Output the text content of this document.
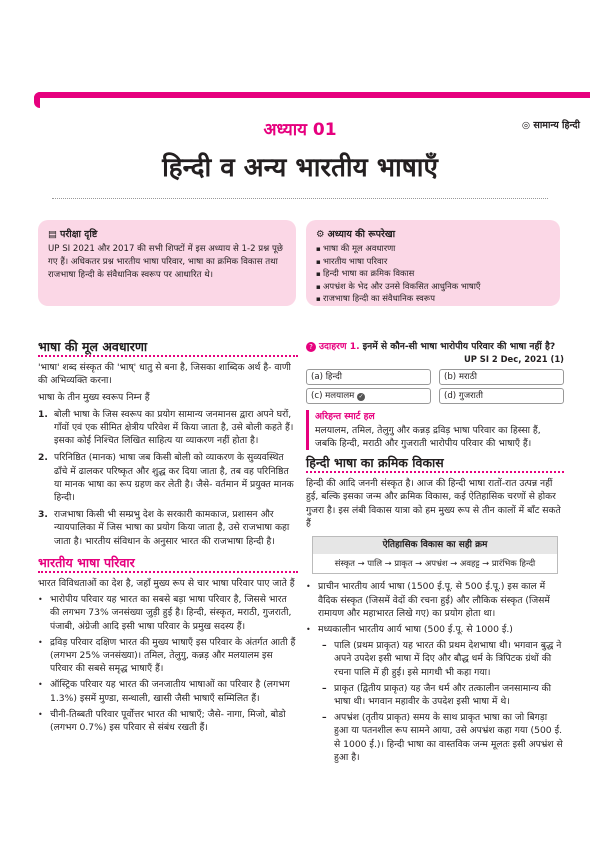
अध्याय 01	◎ सामान्य हिन्दी
हिन्दी व अन्य भारतीय भाषाएँ
▤ परीक्षा दृष्टि
UP SI 2021 और 2017 की सभी शिफ्टों में इस अध्याय से 1-2 प्रश्न पूछे गए हैं। अधिकतर प्रश्न भारतीय भाषा परिवार, भाषा का क्रमिक विकास तथा राजभाषा हिन्दी के संवैधानिक स्वरूप पर आधारित थे।
⚙ अध्याय की रूपरेखा
▪ भाषा की मूल अवधारणा
▪ भारतीय भाषा परिवार
▪ हिन्दी भाषा का क्रमिक विकास
▪ अपभ्रंश के भेद और उनसे विकसित आधुनिक भाषाएँ
▪ राजभाषा हिन्दी का संवैधानिक स्वरूप
भाषा की मूल अवधारणा

'भाषा' शब्द संस्कृत की 'भाष्' धातु से बना है, जिसका शाब्दिक अर्थ है- वाणी की अभिव्यक्ति करना।

भाषा के तीन मुख्य स्वरूप निम्न हैं

1. बोली भाषा के जिस स्वरूप का प्रयोग सामान्य जनमानस द्वारा अपने घरों, गाँवों एवं एक सीमित क्षेत्रीय परिवेश में किया जाता है, उसे बोली कहते हैं। इसका कोई निश्चित लिखित साहित्य या व्याकरण नहीं होता है।
2. परिनिष्ठित (मानक) भाषा जब किसी बोली को व्याकरण के सुव्यवस्थित ढाँचे में ढालकर परिष्कृत और शुद्ध कर दिया जाता है, तब वह परिनिष्ठित या मानक भाषा का रूप ग्रहण कर लेती है। जैसे- वर्तमान में प्रयुक्त मानक हिन्दी।
3. राजभाषा किसी भी सम्प्रभु देश के सरकारी कामकाज, प्रशासन और न्यायपालिका में जिस भाषा का प्रयोग किया जाता है, उसे राजभाषा कहा जाता है। भारतीय संविधान के अनुसार भारत की राजभाषा हिन्दी है।
भारतीय भाषा परिवार

भारत विविधताओं का देश है, जहाँ मुख्य रूप से चार भाषा परिवार पाए जाते हैं

• भारोपीय परिवार यह भारत का सबसे बड़ा भाषा परिवार है, जिससे भारत की लगभग 73% जनसंख्या जुड़ी हुई है। हिन्दी, संस्कृत, मराठी, गुजराती, पंजाबी, अंग्रेजी आदि इसी भाषा परिवार के प्रमुख सदस्य हैं।
• द्रविड़ परिवार दक्षिण भारत की मुख्य भाषाएँ इस परिवार के अंतर्गत आती हैं (लगभग 25% जनसंख्या)। तमिल, तेलुगु, कन्नड़ और मलयालम इस परिवार की सबसे समृद्ध भाषाएँ हैं।
• ऑस्ट्रिक परिवार यह भारत की जनजातीय भाषाओं का परिवार है (लगभग 1.3%) इसमें मुण्डा, सन्थाली, खासी जैसी भाषाएँ सम्मिलित हैं।
• चीनी-तिब्बती परिवार पूर्वोत्तर भारत की भाषाएँ; जैसे- नागा, मिजो, बोडो (लगभग 0.7%) इस परिवार से संबंध रखती हैं।
? उदाहरण 1. इनमें से कौन-सी भाषा भारोपीय परिवार की भाषा नहीं है?
UP SI 2 Dec, 2021 (1)
(a) हिन्दी	(b) मराठी
(c) मलयालम ✓	(d) गुजराती
अरिहन्त स्मार्ट हल
मलयालम, तमिल, तेलुगु और कन्नड़ द्रविड़ भाषा परिवार का हिस्सा हैं, जबकि हिन्दी, मराठी और गुजराती भारोपीय परिवार की भाषाएँ हैं।
हिन्दी भाषा का क्रमिक विकास

हिन्दी की आदि जननी संस्कृत है। आज की हिन्दी भाषा रातों-रात उत्पन्न नहीं हुई, बल्कि इसका जन्म और क्रमिक विकास, कई ऐतिहासिक चरणों से होकर गुजरा है। इस लंबी विकास यात्रा को हम मुख्य रूप से तीन कालों में बाँट सकते हैं

ऐतिहासिक विकास का सही क्रम
संस्कृत → पालि → प्राकृत → अपभ्रंश → अवहट्ट → प्रारंभिक हिन्दी
• प्राचीन भारतीय आर्य भाषा (1500 ई.पू. से 500 ई.पू.) इस काल में वैदिक संस्कृत (जिसमें वेदों की रचना हुई) और लौकिक संस्कृत (जिसमें रामायण और महाभारत लिखे गए) का प्रयोग होता था।
• मध्यकालीन भारतीय आर्य भाषा (500 ई.पू. से 1000 ई.)
– पालि (प्रथम प्राकृत) यह भारत की प्रथम देशभाषा थी। भगवान बुद्ध ने अपने उपदेश इसी भाषा में दिए और बौद्ध धर्म के त्रिपिटक ग्रंथों की रचना पालि में ही हुई। इसे मागधी भी कहा गया।
– प्राकृत (द्वितीय प्राकृत) यह जैन धर्म और तत्कालीन जनसामान्य की भाषा थी। भगवान महावीर के उपदेश इसी भाषा में थे।
– अपभ्रंश (तृतीय प्राकृत) समय के साथ प्राकृत भाषा का जो बिगड़ा हुआ या पतनशील रूप सामने आया, उसे अपभ्रंश कहा गया (500 ई. से 1000 ई.)। हिन्दी भाषा का वास्तविक जन्म मूलतः इसी अपभ्रंश से हुआ है।
